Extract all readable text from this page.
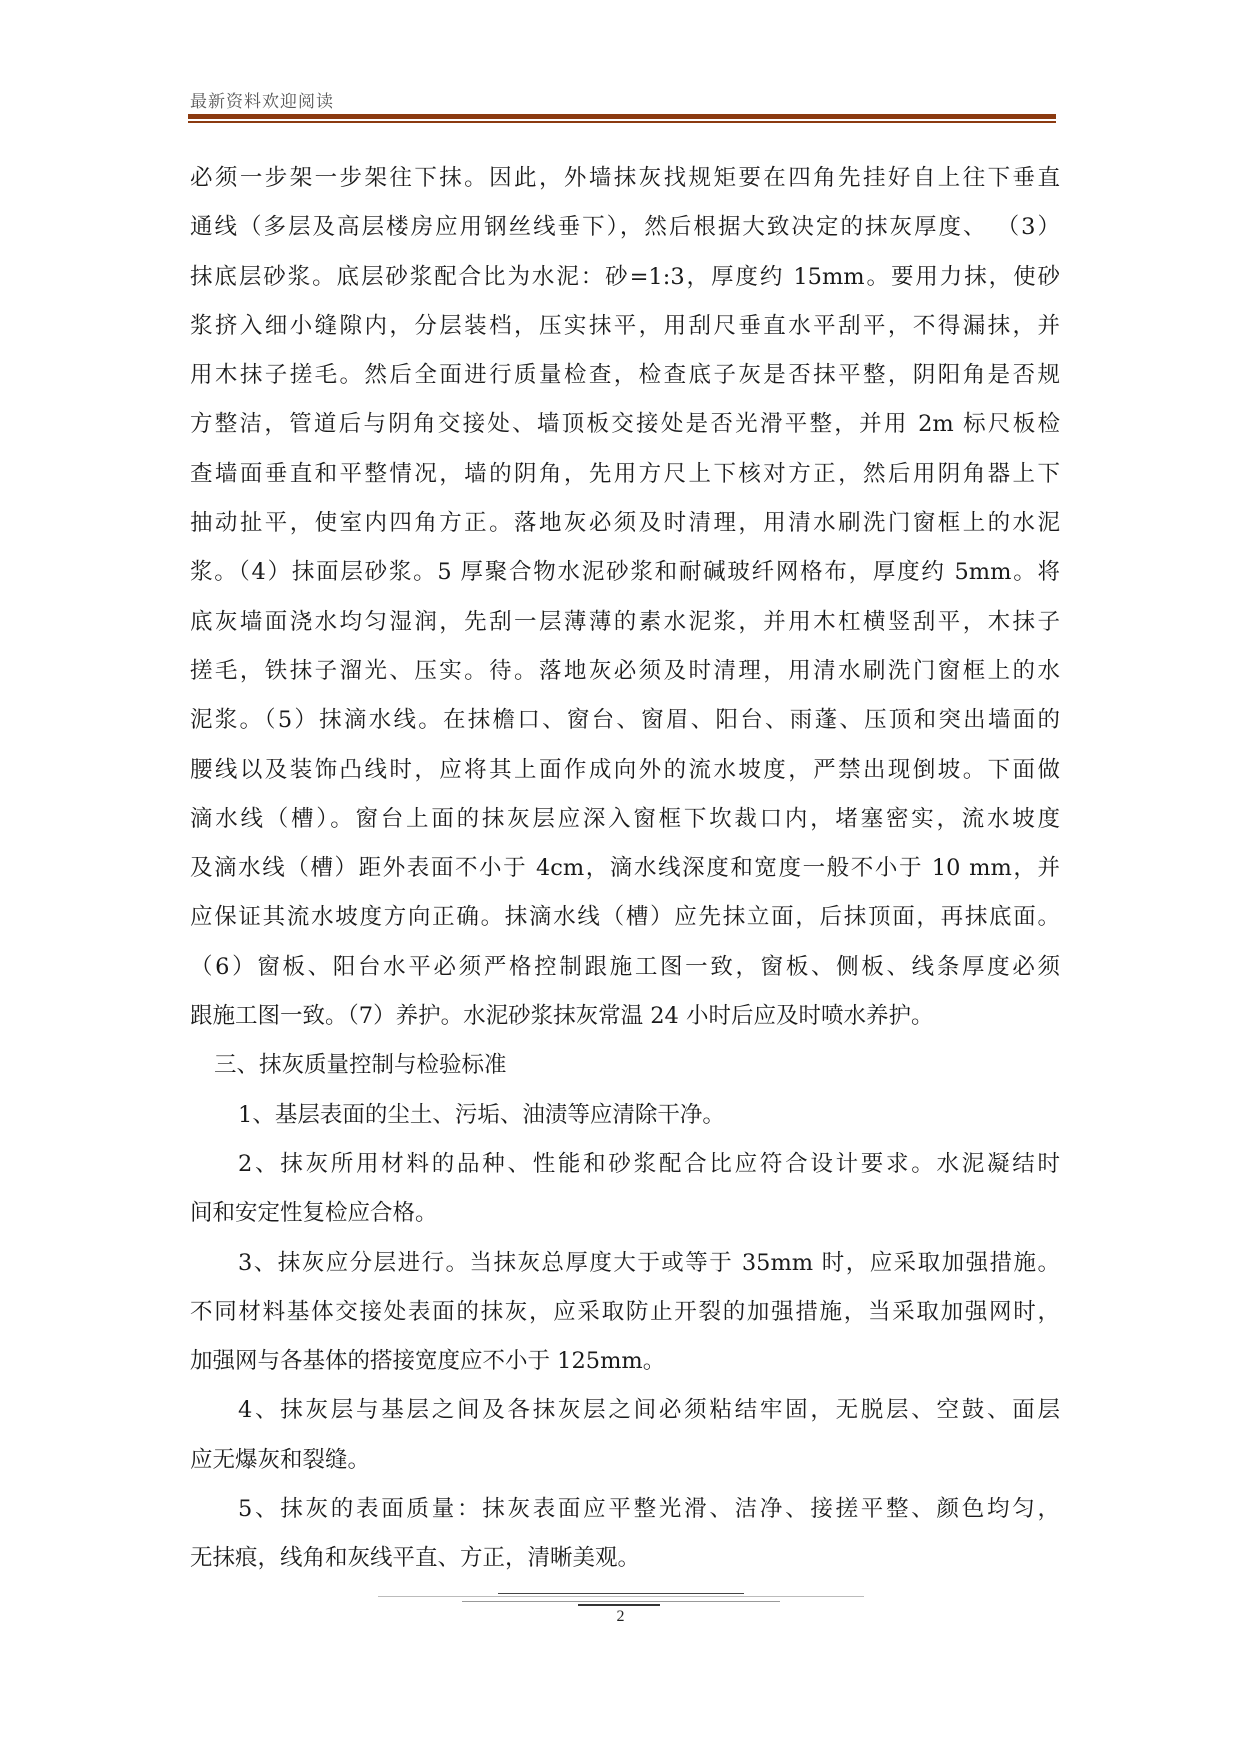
最新资料欢迎阅读
必须一步架一步架往下抹。因此，外墙抹灰找规矩要在四角先挂好自上往下垂直
通线（多层及高层楼房应用钢丝线垂下），然后根据大致决定的抹灰厚度、 （3）
抹底层砂浆。底层砂浆配合比为水泥：砂=1:3，厚度约 15mm。要用力抹，使砂
浆挤入细小缝隙内，分层装档，压实抹平，用刮尺垂直水平刮平，不得漏抹，并
用木抹子搓毛。然后全面进行质量检查，检查底子灰是否抹平整，阴阳角是否规
方整洁，管道后与阴角交接处、墙顶板交接处是否光滑平整，并用 2m 标尺板检
查墙面垂直和平整情况，墙的阴角，先用方尺上下核对方正，然后用阴角器上下
抽动扯平，使室内四角方正。落地灰必须及时清理，用清水刷洗门窗框上的水泥
浆。（4）抹面层砂浆。5 厚聚合物水泥砂浆和耐碱玻纤网格布，厚度约 5mm。将
底灰墙面浇水均匀湿润，先刮一层薄薄的素水泥浆，并用木杠横竖刮平，木抹子
搓毛，铁抹子溜光、压实。待。落地灰必须及时清理，用清水刷洗门窗框上的水
泥浆。（5）抹滴水线。在抹檐口、窗台、窗眉、阳台、雨蓬、压顶和突出墙面的
腰线以及装饰凸线时，应将其上面作成向外的流水坡度，严禁出现倒坡。下面做
滴水线（槽）。窗台上面的抹灰层应深入窗框下坎裁口内，堵塞密实，流水坡度
及滴水线（槽）距外表面不小于 4cm，滴水线深度和宽度一般不小于 10 mm，并
应保证其流水坡度方向正确。抹滴水线（槽）应先抹立面，后抹顶面，再抹底面。
（6）窗板、阳台水平必须严格控制跟施工图一致，窗板、侧板、线条厚度必须
跟施工图一致。（7）养护。水泥砂浆抹灰常温 24 小时后应及时喷水养护。
三、抹灰质量控制与检验标准
1、基层表面的尘土、污垢、油渍等应清除干净。
2、抹灰所用材料的品种、性能和砂浆配合比应符合设计要求。水泥凝结时
间和安定性复检应合格。
3、抹灰应分层进行。当抹灰总厚度大于或等于 35mm 时，应采取加强措施。
不同材料基体交接处表面的抹灰，应采取防止开裂的加强措施，当采取加强网时，
加强网与各基体的搭接宽度应不小于 125mm。
4、抹灰层与基层之间及各抹灰层之间必须粘结牢固，无脱层、空鼓、面层
应无爆灰和裂缝。
5、抹灰的表面质量：抹灰表面应平整光滑、洁净、接搓平整、颜色均匀，
无抹痕，线角和灰线平直、方正，清晰美观。
2
